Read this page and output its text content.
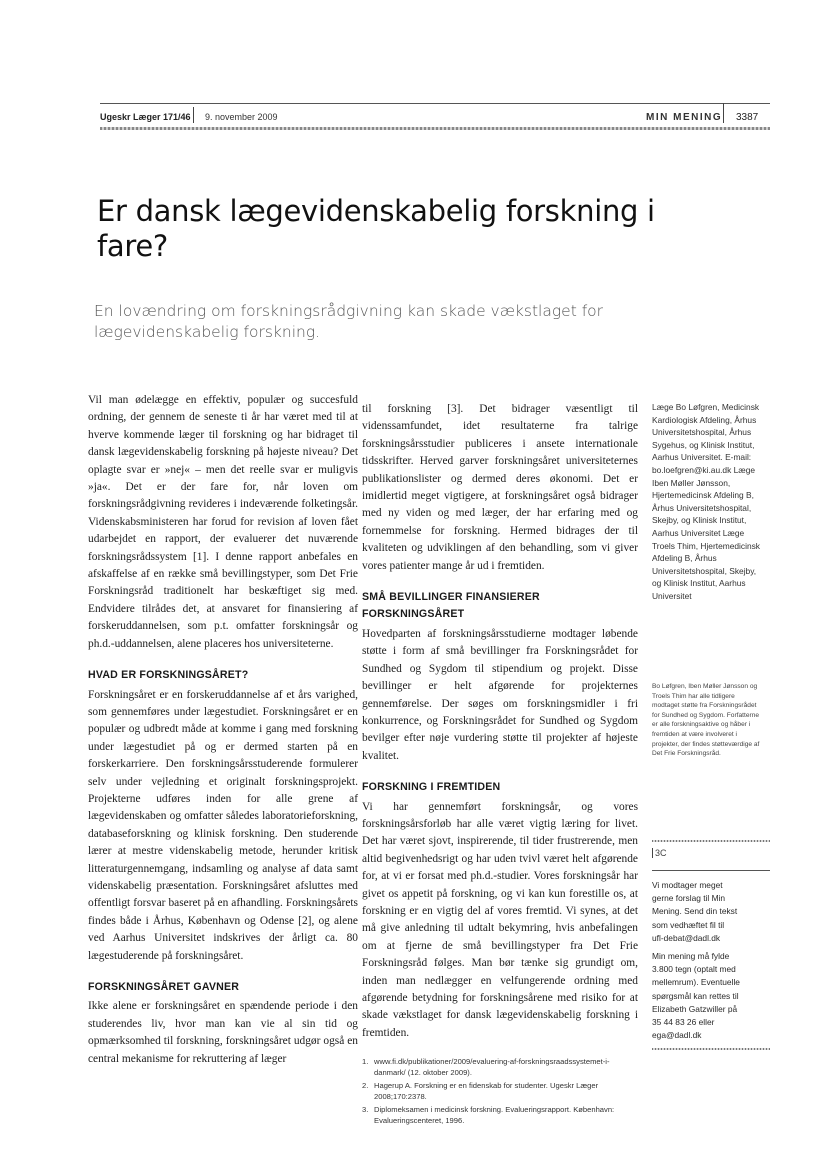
Ugeskr Læger 171/46 9. november 2009	MIN MENING 3387
Er dansk lægevidenskabelig forskning i fare?

En lovændring om forskningsrådgivning kan skade vækstlaget for lægevidenskabelig forskning.

Vil man ødelægge en effektiv, populær og succesfuld ordning, der gennem de seneste ti år har været med til at hverve kommende læger til forskning og har bidraget til dansk lægevidenskabelig forskning på højeste niveau? Det oplagte svar er »nej« – men det reelle svar er muligvis »ja«. Det er der fare for, når loven om forskningsrådgivning revideres i indeværende folketingsår. Videnskabsministeren har forud for revision af loven fået udarbejdet en rapport, der evaluerer det nuværende forskningsrådssystem [1]. I denne rapport anbefales en afskaffelse af en række små bevillingstyper, som Det Frie Forskningsråd traditionelt har beskæftiget sig med. Endvidere tilrådes det, at ansvaret for finansiering af forskeruddannelsen, som p.t. omfatter forskningsår og ph.d.-uddannelsen, alene placeres hos universiteterne.

HVAD ER FORSKNINGSÅRET?

Forskningsåret er en forskeruddannelse af et års varighed, som gennemføres under lægestudiet. Forskningsåret er en populær og udbredt måde at komme i gang med forskning under lægestudiet på og er dermed starten på en forskerkarriere. Den forskningsårsstuderende formulerer selv under vejledning et originalt forskningsprojekt. Projekterne udføres inden for alle grene af lægevidenskaben og omfatter således laboratorieforskning, databaseforskning og klinisk forskning. Den studerende lærer at mestre videnskabelig metode, herunder kritisk litteraturgennemgang, indsamling og analyse af data samt videnskabelig præsentation. Forskningsåret afsluttes med offentligt forsvar baseret på en afhandling. Forskningsårets findes både i Århus, København og Odense [2], og alene ved Aarhus Universitet indskrives der årligt ca. 80 lægestuderende på forskningsåret.

FORSKNINGSÅRET GAVNER

Ikke alene er forskningsåret en spændende periode i den studerendes liv, hvor man kan vie al sin tid og opmærksomhed til forskning, forskningsåret udgør også en central mekanisme for rekruttering af læger

til forskning [3]. Det bidrager væsentligt til videnssamfundet, idet resultaterne fra talrige forskningsårsstudier publiceres i ansete internationale tidsskrifter. Herved garver forskningsåret universiteternes publikationslister og dermed deres økonomi. Det er imidlertid meget vigtigere, at forskningsåret også bidrager med ny viden og med læger, der har erfaring med og fornemmelse for forskning. Hermed bidrages der til kvaliteten og udviklingen af den behandling, som vi giver vores patienter mange år ud i fremtiden.

SMÅ BEVILLINGER FINANSIERER FORSKNINGSÅRET

Hovedparten af forskningsårsstudierne modtager løbende støtte i form af små bevillinger fra Forskningsrådet for Sundhed og Sygdom til stipendium og projekt. Disse bevillinger er helt afgørende for projekternes gennemførelse. Der søges om forskningsmidler i fri konkurrence, og Forskningsrådet for Sundhed og Sygdom bevilger efter nøje vurdering støtte til projekter af højeste kvalitet.

FORSKNING I FREMTIDEN

Vi har gennemført forskningsår, og vores forskningsårsforløb har alle været vigtig læring for livet. Det har været sjovt, inspirerende, til tider frustrerende, men altid begivenhedsrigt og har uden tvivl været helt afgørende for, at vi er forsat med ph.d.-studier. Vores forskningsår har givet os appetit på forskning, og vi kan kun forestille os, at forskning er en vigtig del af vores fremtid. Vi synes, at det må give anledning til udtalt bekymring, hvis anbefalingen om at fjerne de små bevillingstyper fra Det Frie Forskningsråd følges. Man bør tænke sig grundigt om, inden man nedlægger en velfungerende ordning med afgørende betydning for forskningsårene med risiko for at skade vækstlaget for dansk lægevidenskabelig forskning i fremtiden.

1. www.fi.dk/publikationer/2009/evaluering-af-forskningsraadssystemet-i-danmark/ (12. oktober 2009).
2. Hagerup A. Forskning er en fidenskab for studenter. Ugeskr Læger 2008;170:2378.
3. Diplomeksamen i medicinsk forskning. Evalueringsrapport. København: Evalueringscenteret, 1996.

Læge Bo Løfgren, Medicinsk Kardiologisk Afdeling, Århus Universitetshospital, Århus Sygehus, og Klinisk Institut, Aarhus Universitet. E-mail: bo.loefgren@ki.au.dk Læge Iben Møller Jønsson, Hjertemedicinsk Afdeling B, Århus Universitetshospital, Skejby, og Klinisk Institut, Aarhus Universitet Læge Troels Thim, Hjertemedicinsk Afdeling B, Århus Universitetshospital, Skejby, og Klinisk Institut, Aarhus Universitet

Bo Løfgren, Iben Møller Jønsson og Troels Thim har alle tidligere modtaget støtte fra Forskningsrådet for Sundhed og Sygdom. Forfatterne er alle forskningsaktive og håber i fremtiden at være involveret i projekter, der findes støtteværdige af Det Frie Forskningsråd.

3C
Vi modtager meget
gerne forslag til Min
Mening. Send din tekst
som vedhæftet fil til
ufl-debat@dadl.dk
Min mening må fylde
3.800 tegn (optalt med
mellemrum). Eventuelle
spørgsmål kan rettes til
Elizabeth Gatzwiller på
35 44 83 26 eller
ega@dadl.dk
